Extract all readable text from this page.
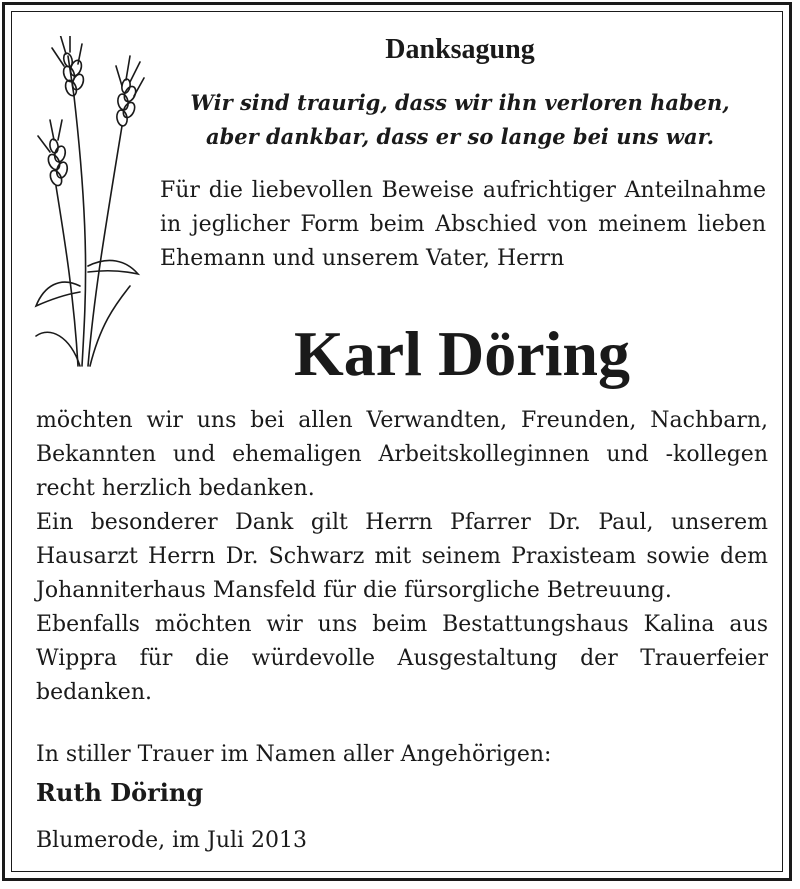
Danksagung
Wir sind traurig, dass wir ihn verloren haben,
aber dankbar, dass er so lange bei uns war.
Für die liebevollen Beweise aufrichtiger Anteilnahme in jeglicher Form beim Abschied von meinem lieben Ehemann und unserem Vater, Herrn
Karl Döring

möchten wir uns bei allen Verwandten, Freunden, Nachbarn, Bekannten und ehemaligen Arbeitskolleginnen und -kollegen recht herzlich bedanken.

Ein besonderer Dank gilt Herrn Pfarrer Dr. Paul, unserem Hausarzt Herrn Dr. Schwarz mit seinem Praxisteam sowie dem Johanniterhaus Mansfeld für die fürsorgliche Betreuung.

Ebenfalls möchten wir uns beim Bestattungshaus Kalina aus Wippra für die würdevolle Ausgestaltung der Trauerfeier bedanken.

In stiller Trauer im Namen aller Angehörigen:
Ruth Döring
Blumerode, im Juli 2013
